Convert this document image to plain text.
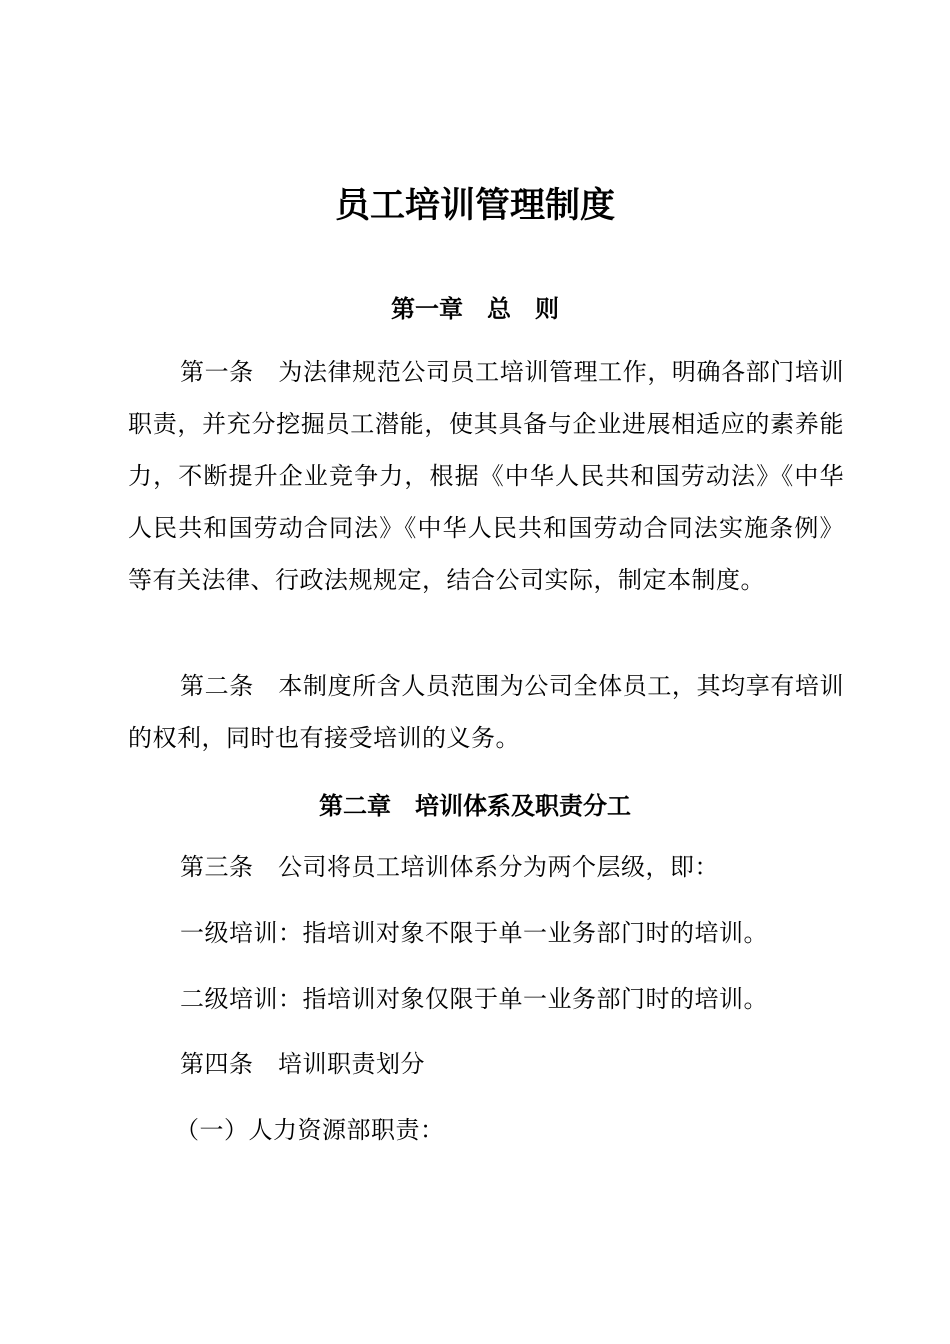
员工培训管理制度
第一章　总　则
第一条　为法律规范公司员工培训管理工作，明确各部门培训职责，并充分挖掘员工潜能，使其具备与企业进展相适应的素养能力，不断提升企业竞争力，根据《中华人民共和国劳动法》《中华人民共和国劳动合同法》《中华人民共和国劳动合同法实施条例》等有关法律、行政法规规定，结合公司实际，制定本制度。
第二条　本制度所含人员范围为公司全体员工，其均享有培训的权利，同时也有接受培训的义务。
第二章　培训体系及职责分工
第三条　公司将员工培训体系分为两个层级，即：
一级培训：指培训对象不限于单一业务部门时的培训。
二级培训：指培训对象仅限于单一业务部门时的培训。
第四条　培训职责划分
（一）人力资源部职责：
